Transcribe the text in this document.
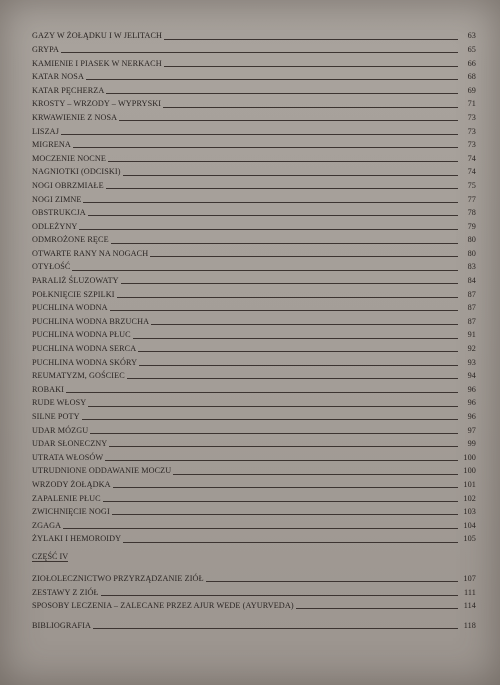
GAZY W ŻOŁĄDKU I W JELITACH	63
GRYPA	65
KAMIENIE I PIASEK W NERKACH	66
KATAR NOSA	68
KATAR PĘCHERZA	69
KROSTY – WRZODY – WYPRYSKI	71
KRWAWIENIE Z NOSA	73
LISZAJ	73
MIGRENA	73
MOCZENIE NOCNE	74
NAGNIOTKI (ODCISKI)	74
NOGI OBRZMIAŁE	75
NOGI ZIMNE	77
OBSTRUKCJA	78
ODLEŻYNY	79
ODMROŻONE RĘCE	80
OTWARTE RANY NA NOGACH	80
OTYŁOŚĆ	83
PARALIŻ ŚLUZOWATY	84
POŁKNIĘCIE SZPILKI	87
PUCHLINA WODNA	87
PUCHLINA WODNA BRZUCHA	87
PUCHLINA WODNA PŁUC	91
PUCHLINA WODNA SERCA	92
PUCHLINA WODNA SKÓRY	93
REUMATYZM, GOŚCIEC	94
ROBAKI	96
RUDE WŁOSY	96
SILNE POTY	96
UDAR MÓZGU	97
UDAR SŁONECZNY	99
UTRATA WŁOSÓW	100
UTRUDNIONE ODDAWANIE MOCZU	100
WRZODY ŻOŁĄDKA	101
ZAPALENIE PŁUC	102
ZWICHNIĘCIE NOGI	103
ZGAGA	104
ŻYLAKI I HEMOROIDY	105
CZĘŚĆ IV
ZIOŁOLECZNICTWO PRZYRZĄDZANIE ZIÓŁ	107
ZESTAWY Z ZIÓŁ	111
SPOSOBY LECZENIA – ZALECANE PRZEZ AJUR WEDE (AYURVEDA)	114
BIBLIOGRAFIA	118
